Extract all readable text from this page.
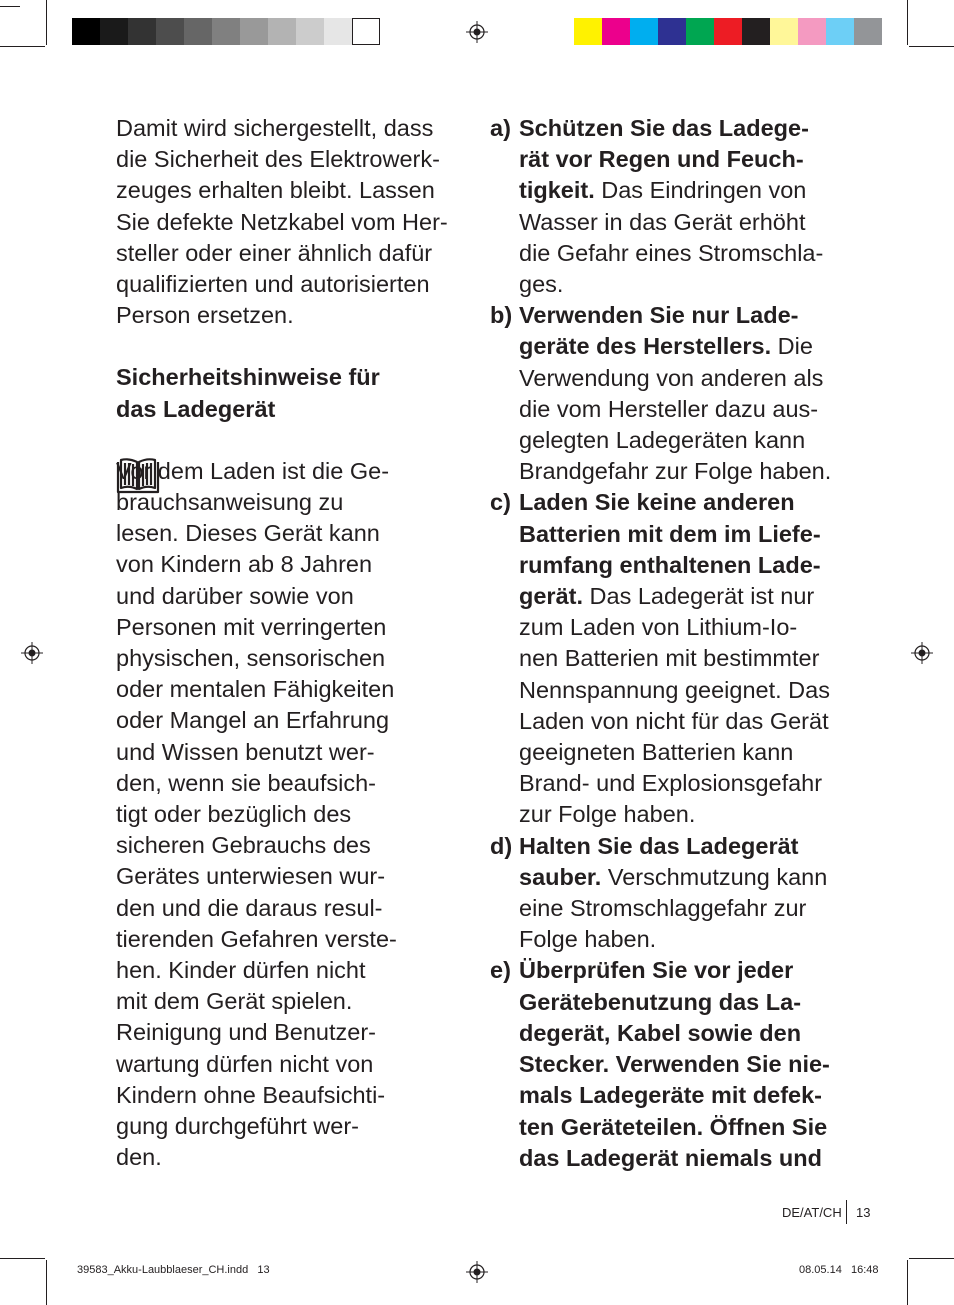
Damit wird sichergestellt, dass
die Sicherheit des Elektrowerk-
zeuges erhalten bleibt. Lassen
Sie defekte Netzkabel vom Her-
steller oder einer ähnlich dafür
qualifizierten und autorisierten
Person ersetzen.

Sicherheitshinweise für
das Ladegerät

Vor dem Laden ist die Ge-
brauchsanweisung zu
lesen. Dieses Gerät kann
von Kindern ab 8 Jahren
und darüber sowie von
Personen mit verringerten
physischen, sensorischen
oder mentalen Fähigkeiten
oder Mangel an Erfahrung
und Wissen benutzt wer-
den, wenn sie beaufsich-
tigt oder bezüglich des
sicheren Gebrauchs des
Gerätes unterwiesen wur-
den und die daraus resul-
tierenden Gefahren verste-
hen. Kinder dürfen nicht
mit dem Gerät spielen.
Reinigung und Benutzer-
wartung dürfen nicht von
Kindern ohne Beaufsichti-
gung durchgeführt wer-
den.

a) Schützen Sie das Ladege-
rät vor Regen und Feuch-
tigkeit. Das Eindringen von
Wasser in das Gerät erhöht
die Gefahr eines Stromschla-
ges.
b) Verwenden Sie nur Lade-
geräte des Herstellers. Die
Verwendung von anderen als
die vom Hersteller dazu aus-
gelegten Ladegeräten kann
Brandgefahr zur Folge haben.
c) Laden Sie keine anderen
Batterien mit dem im Liefe-
rumfang enthaltenen Lade-
gerät. Das Ladegerät ist nur
zum Laden von Lithium-Io-
nen Batterien mit bestimmter
Nennspannung geeignet. Das
Laden von nicht für das Gerät
geeigneten Batterien kann
Brand- und Explosionsgefahr
zur Folge haben.
d) Halten Sie das Ladegerät
sauber. Verschmutzung kann
eine Stromschlaggefahr zur
Folge haben.
e) Überprüfen Sie vor jeder
Gerätebenutzung das La-
degerät, Kabel sowie den
Stecker. Verwenden Sie nie-
mals Ladegeräte mit defek-
ten Geräteteilen. Öffnen Sie
das Ladegerät niemals und
DE/AT/CH 13
39583_Akku-Laubblaeser_CH.indd   13	08.05.14   16:48
